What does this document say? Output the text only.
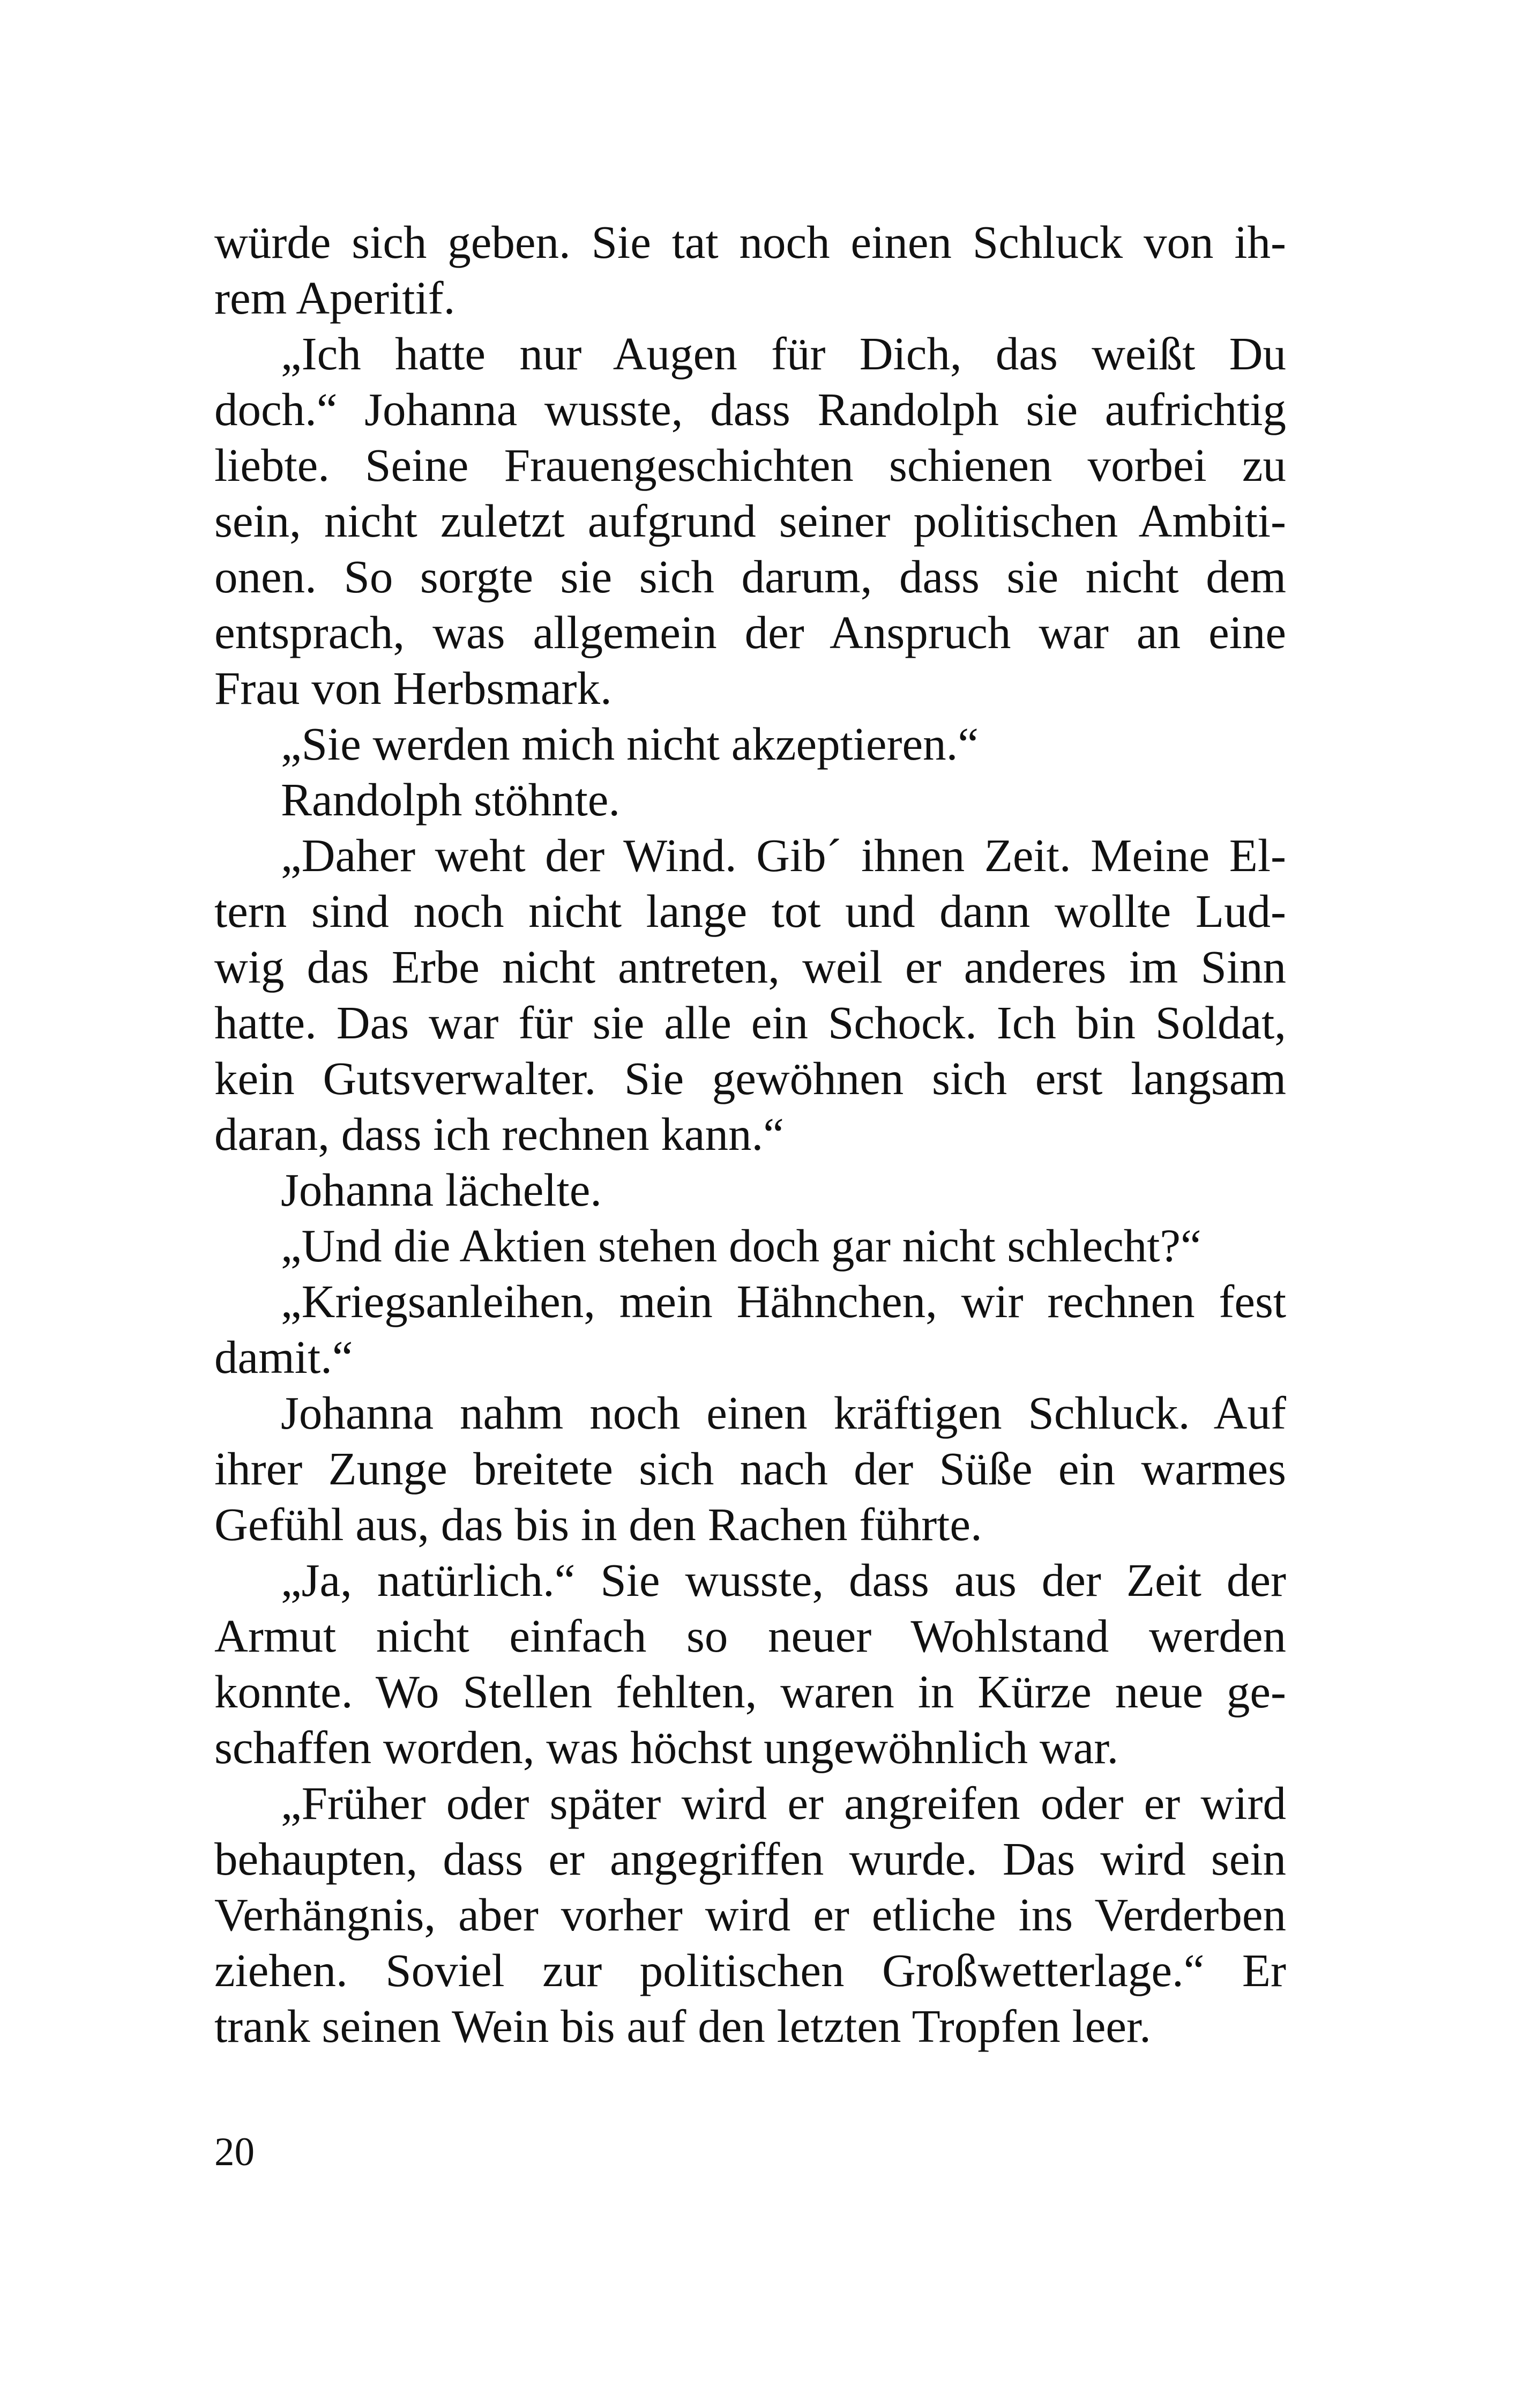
würde sich geben. Sie tat noch einen Schluck von ih-
rem Aperitif.
„Ich hatte nur Augen für Dich, das weißt Du
doch.“ Johanna wusste, dass Randolph sie aufrichtig
liebte. Seine Frauengeschichten schienen vorbei zu
sein, nicht zuletzt aufgrund seiner politischen Ambiti-
onen. So sorgte sie sich darum, dass sie nicht dem
entsprach, was allgemein der Anspruch war an eine
Frau von Herbsmark.
„Sie werden mich nicht akzeptieren.“
Randolph stöhnte.
„Daher weht der Wind. Gib´ ihnen Zeit. Meine El-
tern sind noch nicht lange tot und dann wollte Lud-
wig das Erbe nicht antreten, weil er anderes im Sinn
hatte. Das war für sie alle ein Schock. Ich bin Soldat,
kein Gutsverwalter. Sie gewöhnen sich erst langsam
daran, dass ich rechnen kann.“
Johanna lächelte.
„Und die Aktien stehen doch gar nicht schlecht?“
„Kriegsanleihen, mein Hähnchen, wir rechnen fest
damit.“
Johanna nahm noch einen kräftigen Schluck. Auf
ihrer Zunge breitete sich nach der Süße ein warmes
Gefühl aus, das bis in den Rachen führte.
„Ja, natürlich.“ Sie wusste, dass aus der Zeit der
Armut nicht einfach so neuer Wohlstand werden
konnte. Wo Stellen fehlten, waren in Kürze neue ge-
schaffen worden, was höchst ungewöhnlich war.
„Früher oder später wird er angreifen oder er wird
behaupten, dass er angegriffen wurde. Das wird sein
Verhängnis, aber vorher wird er etliche ins Verderben
ziehen. Soviel zur politischen Großwetterlage.“ Er
trank seinen Wein bis auf den letzten Tropfen leer.
20
